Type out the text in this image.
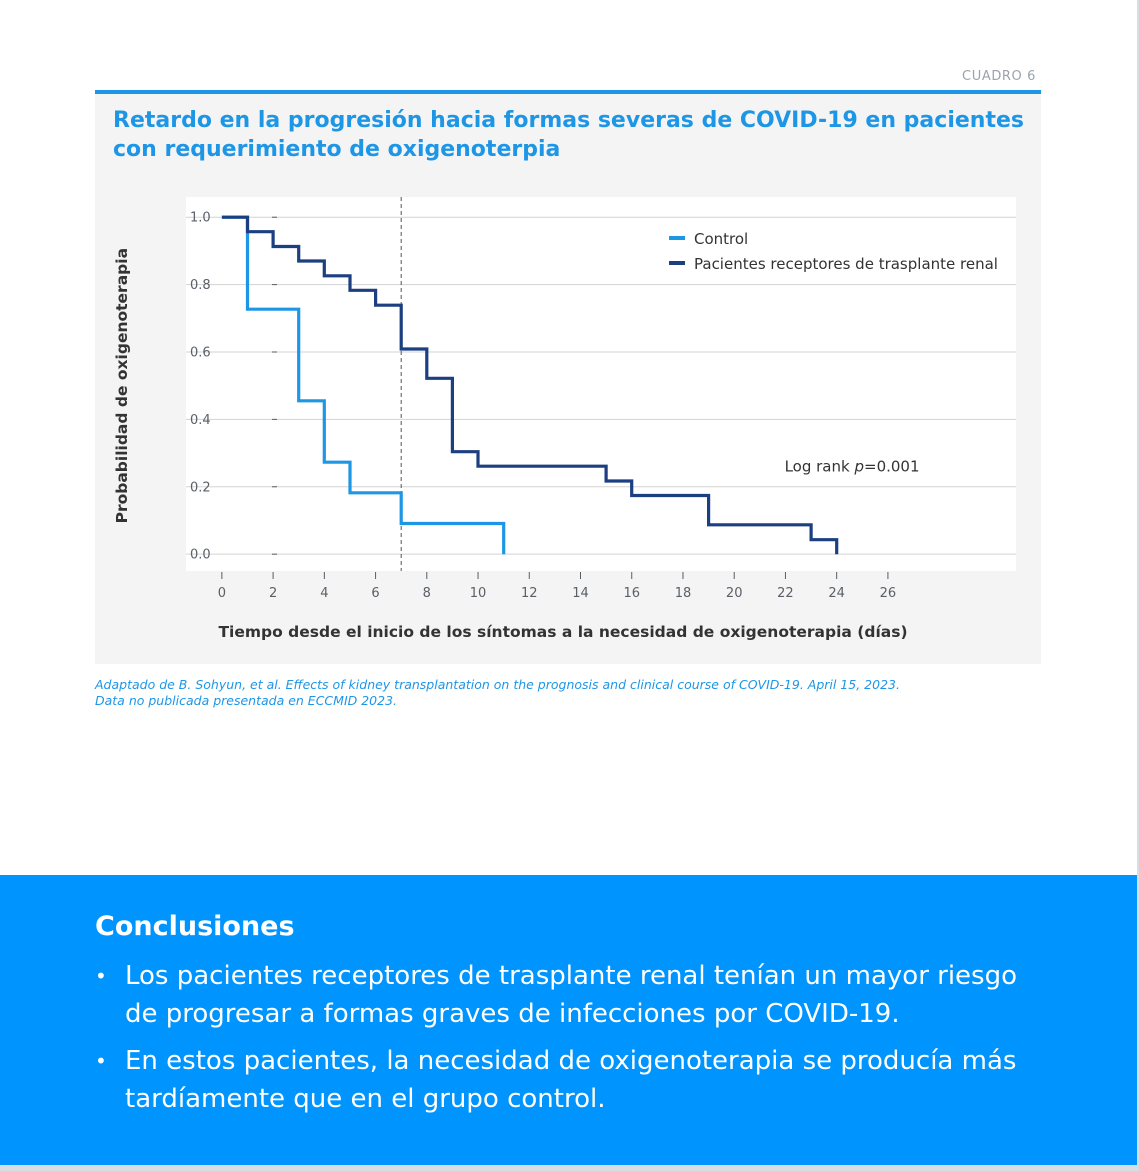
CUADRO 6
Retardo en la progresión hacia formas severas de COVID-19 en pacientes con requerimiento de oxigenoterpia
0.0
0.2
0.4
0.6
0.8
1.0
0	2	4	6	8	10	12	14	16	18	20	22	24	26
Control
Pacientes receptores de trasplante renal
Log rank p=0.001
Tiempo desde el inicio de los síntomas a la necesidad de oxigenoterapia (días)
Probabilidad de oxigenoterapia
Adaptado de B. Sohyun, et al. Effects of kidney transplantation on the prognosis and clinical course of COVID-19. April 15, 2023.
Data no publicada presentada en ECCMID 2023.
Conclusiones
• Los pacientes receptores de trasplante renal tenían un mayor riesgo de progresar a formas graves de infecciones por COVID-19.
• En estos pacientes, la necesidad de oxigenoterapia se producía más tardíamente que en el grupo control.
